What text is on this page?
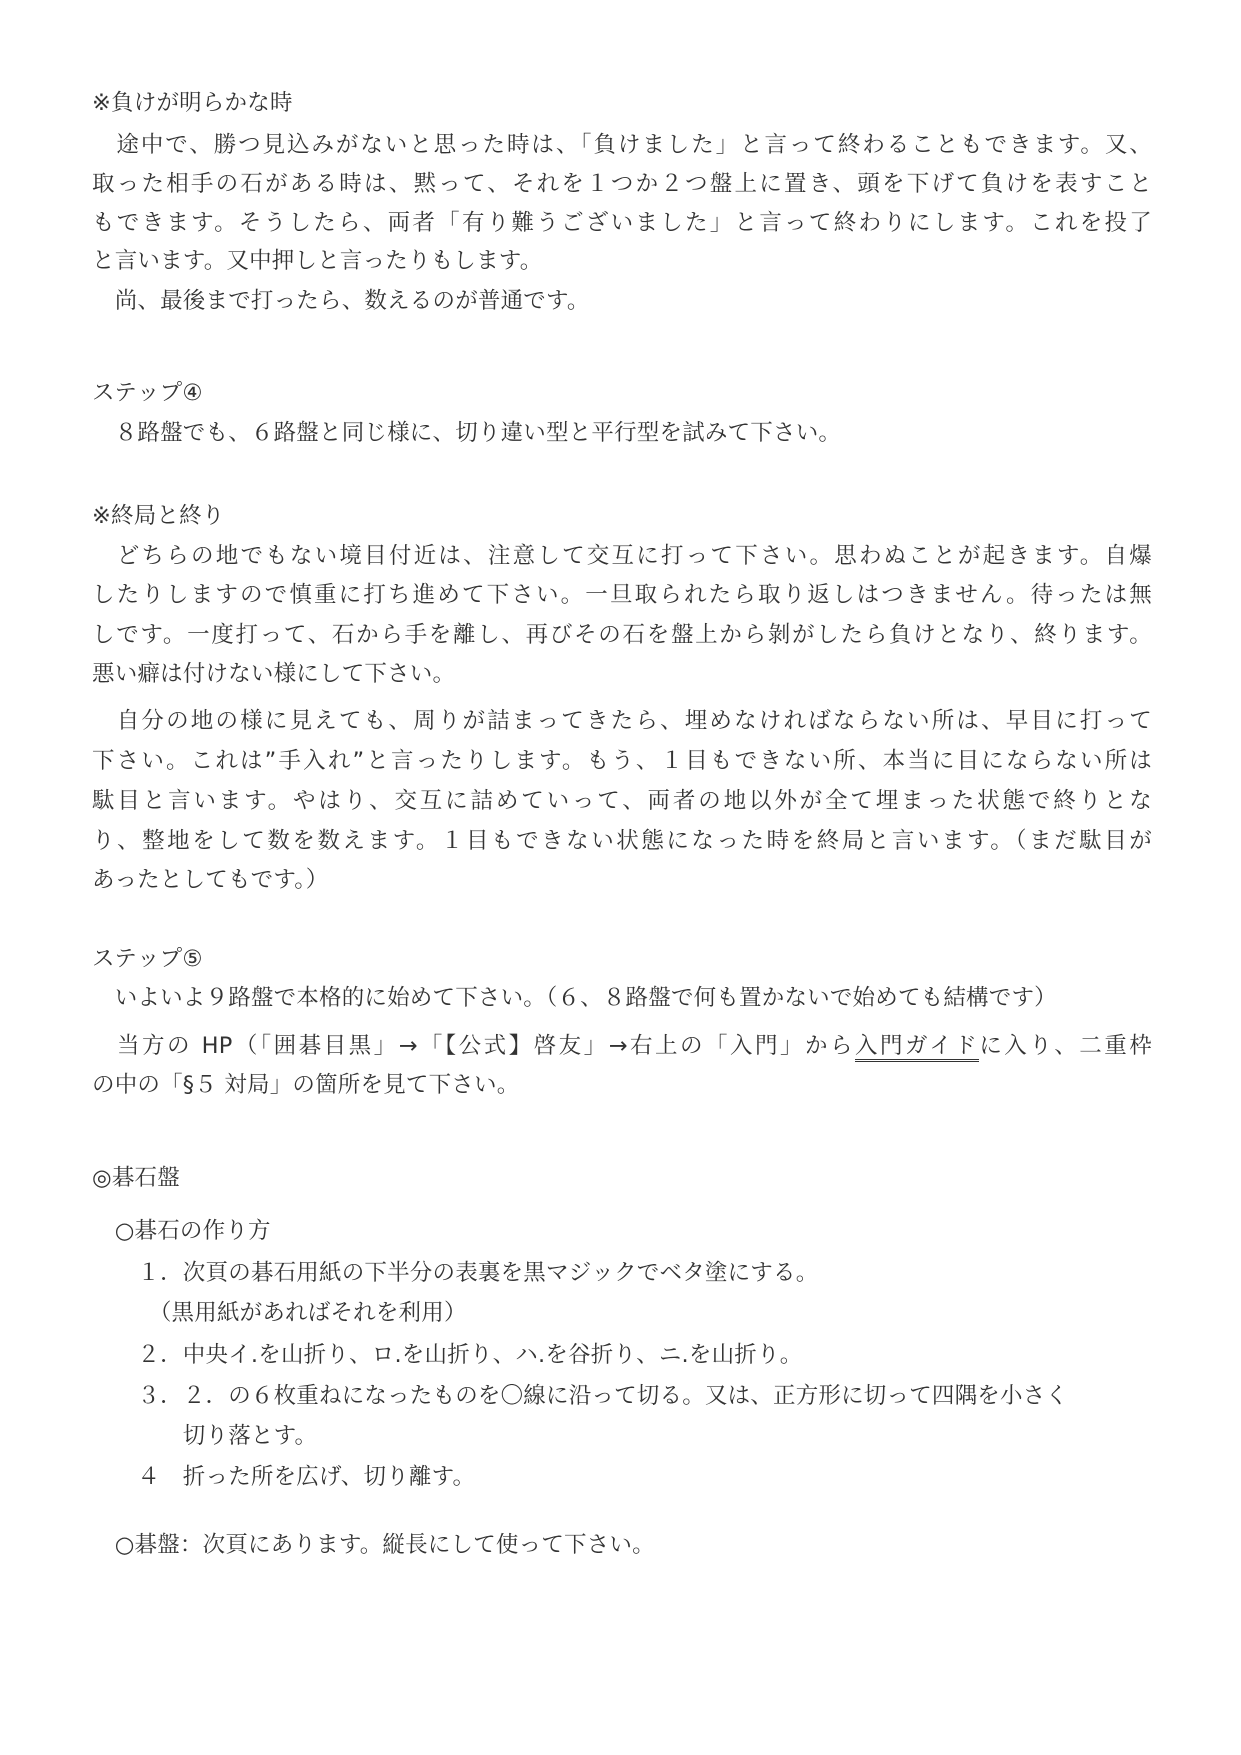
※負けが明らかな時
　途中で、勝つ見込みがないと思った時は、「負けました」と言って終わることもできます。又、
取った相手の石がある時は、黙って、それを１つか２つ盤上に置き、頭を下げて負けを表すこと
もできます。そうしたら、両者「有り難うございました」と言って終わりにします。これを投了
と言います。又中押しと言ったりもします。
　尚、最後まで打ったら、数えるのが普通です。
ステップ④
　８路盤でも、６路盤と同じ様に、切り違い型と平行型を試みて下さい。
※終局と終り
　どちらの地でもない境目付近は、注意して交互に打って下さい。思わぬことが起きます。自爆
したりしますので慎重に打ち進めて下さい。一旦取られたら取り返しはつきません。待ったは無
しです。一度打って、石から手を離し、再びその石を盤上から剝がしたら負けとなり、終ります。
悪い癖は付けない様にして下さい。
　自分の地の様に見えても、周りが詰まってきたら、埋めなければならない所は、早目に打って
下さい。これは”手入れ”と言ったりします。もう、１目もできない所、本当に目にならない所は
駄目と言います。やはり、交互に詰めていって、両者の地以外が全て埋まった状態で終りとな
り、整地をして数を数えます。１目もできない状態になった時を終局と言います。（まだ駄目が
あったとしてもです。）
ステップ⑤
　いよいよ９路盤で本格的に始めて下さい。（６、８路盤で何も置かないで始めても結構です）
　当方の HP（「囲碁目黒」→「【公式】啓友」→右上の「入門」から入門ガイドに入り、二重枠
の中の「§５ 対局」の箇所を見て下さい。
◎碁石盤
　○碁石の作り方
　　１．次頁の碁石用紙の下半分の表裏を黒マジックでベタ塗にする。
　　　（黒用紙があればそれを利用）
　　２．中央イ.を山折り、ロ.を山折り、ハ.を谷折り、ニ.を山折り。
　　３．２．の６枚重ねになったものを〇線に沿って切る。又は、正方形に切って四隅を小さく
　　　　切り落とす。
　　４　折った所を広げ、切り離す。
　○碁盤：次頁にあります。縦長にして使って下さい。
